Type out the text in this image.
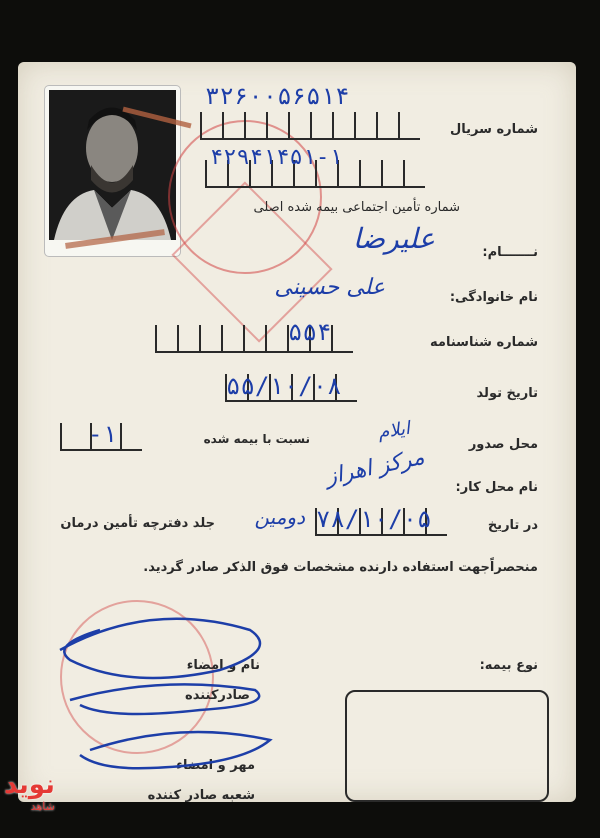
شماره سریال
۳۲۶۰۰۵۶۵۱۴
۴۲۹۴۱۴۵۱-۱
شماره تأمین اجتماعی بیمه شده اصلی
نـــــــام:
علیرضا
نام خانوادگی:
علی حسینی
شماره شناسنامه
۵۵۴
تاریخ تولد
۵۵/۱۰/۰۸
-۱	نسبت با بیمه شده	محل صدور
ایلام
نام محل کار:
مرکز اهراز
در تاریخ
۷۸/۱۰/۰۵
دومین
جلد دفترچه تأمین درمان
منحصراًجهت استفاده دارنده مشخصات فوق الذکر صادر گردید.
نوع بیمه:
نام و امضاء
صادرکننده
مهر و امضاء
شعبه صادر کننده
نوید
شاهد
